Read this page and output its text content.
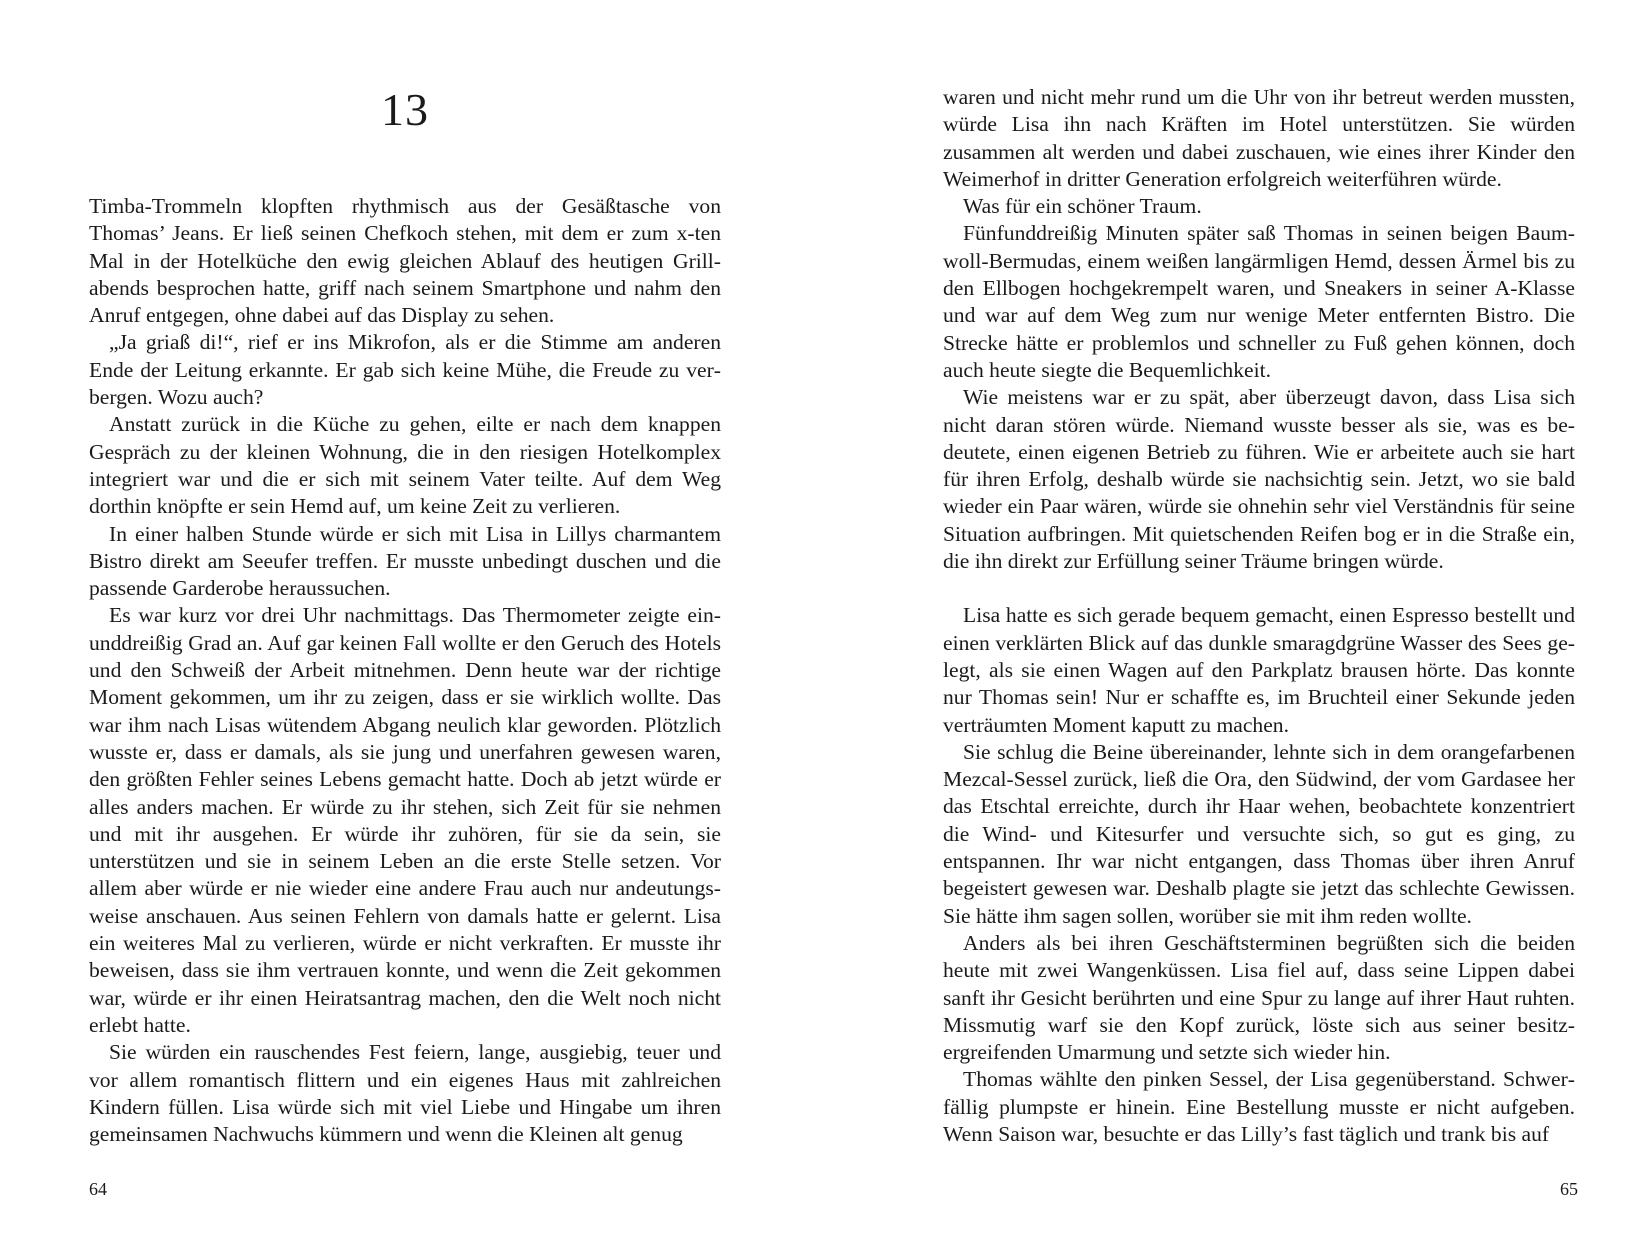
13

Timba-Trommeln klopften rhythmisch aus der Gesäßtasche von Thomas’ Jeans. Er ließ seinen Chefkoch stehen, mit dem er zum x-ten Mal in der Hotelküche den ewig gleichen Ablauf des heutigen Grillabends besprochen hatte, griff nach seinem Smartphone und nahm den Anruf entgegen, ohne dabei auf das Display zu sehen.

„Ja griaß di!“, rief er ins Mikrofon, als er die Stimme am anderen Ende der Leitung erkannte. Er gab sich keine Mühe, die Freude zu verbergen. Wozu auch?

Anstatt zurück in die Küche zu gehen, eilte er nach dem knappen Gespräch zu der kleinen Wohnung, die in den riesigen Hotelkomplex integriert war und die er sich mit seinem Vater teilte. Auf dem Weg dorthin knöpfte er sein Hemd auf, um keine Zeit zu verlieren.

In einer halben Stunde würde er sich mit Lisa in Lillys charmantem Bistro direkt am Seeufer treffen. Er musste unbedingt duschen und die passende Garderobe heraussuchen.

Es war kurz vor drei Uhr nachmittags. Das Thermometer zeigte einunddreißig Grad an. Auf gar keinen Fall wollte er den Geruch des Hotels und den Schweiß der Arbeit mitnehmen. Denn heute war der richtige Moment gekommen, um ihr zu zeigen, dass er sie wirklich wollte. Das war ihm nach Lisas wütendem Abgang neulich klar geworden. Plötzlich wusste er, dass er damals, als sie jung und unerfahren gewesen waren, den größten Fehler seines Lebens gemacht hatte. Doch ab jetzt würde er alles anders machen. Er würde zu ihr stehen, sich Zeit für sie nehmen und mit ihr ausgehen. Er würde ihr zuhören, für sie da sein, sie unterstützen und sie in seinem Leben an die erste Stelle setzen. Vor allem aber würde er nie wieder eine andere Frau auch nur andeutungsweise anschauen. Aus seinen Fehlern von damals hatte er gelernt. Lisa ein weiteres Mal zu verlieren, würde er nicht verkraften. Er musste ihr beweisen, dass sie ihm vertrauen konnte, und wenn die Zeit gekommen war, würde er ihr einen Heiratsantrag machen, den die Welt noch nicht erlebt hatte.

Sie würden ein rauschendes Fest feiern, lange, ausgiebig, teuer und vor allem romantisch flittern und ein eigenes Haus mit zahlreichen Kindern füllen. Lisa würde sich mit viel Liebe und Hingabe um ihren gemeinsamen Nachwuchs kümmern und wenn die Kleinen alt genug

64

waren und nicht mehr rund um die Uhr von ihr betreut werden mussten, würde Lisa ihn nach Kräften im Hotel unterstützen. Sie würden zusammen alt werden und dabei zuschauen, wie eines ihrer Kinder den Weimerhof in dritter Generation erfolgreich weiterführen würde.

Was für ein schöner Traum.

Fünfunddreißig Minuten später saß Thomas in seinen beigen Baumwoll-Bermudas, einem weißen langärmligen Hemd, dessen Ärmel bis zu den Ellbogen hochgekrempelt waren, und Sneakers in seiner A-Klasse und war auf dem Weg zum nur wenige Meter entfernten Bistro. Die Strecke hätte er problemlos und schneller zu Fuß gehen können, doch auch heute siegte die Bequemlichkeit.

Wie meistens war er zu spät, aber überzeugt davon, dass Lisa sich nicht daran stören würde. Niemand wusste besser als sie, was es bedeutete, einen eigenen Betrieb zu führen. Wie er arbeitete auch sie hart für ihren Erfolg, deshalb würde sie nachsichtig sein. Jetzt, wo sie bald wieder ein Paar wären, würde sie ohnehin sehr viel Verständnis für seine Situation aufbringen. Mit quietschenden Reifen bog er in die Straße ein, die ihn direkt zur Erfüllung seiner Träume bringen würde.

Lisa hatte es sich gerade bequem gemacht, einen Espresso bestellt und einen verklärten Blick auf das dunkle smaragdgrüne Wasser des Sees gelegt, als sie einen Wagen auf den Parkplatz brausen hörte. Das konnte nur Thomas sein! Nur er schaffte es, im Bruchteil einer Sekunde jeden verträumten Moment kaputt zu machen.

Sie schlug die Beine übereinander, lehnte sich in dem orangefarbenen Mezcal-Sessel zurück, ließ die Ora, den Südwind, der vom Gardasee her das Etschtal erreichte, durch ihr Haar wehen, beobachtete konzentriert die Wind- und Kitesurfer und versuchte sich, so gut es ging, zu entspannen. Ihr war nicht entgangen, dass Thomas über ihren Anruf begeistert gewesen war. Deshalb plagte sie jetzt das schlechte Gewissen. Sie hätte ihm sagen sollen, worüber sie mit ihm reden wollte.

Anders als bei ihren Geschäftsterminen begrüßten sich die beiden heute mit zwei Wangenküssen. Lisa fiel auf, dass seine Lippen dabei sanft ihr Gesicht berührten und eine Spur zu lange auf ihrer Haut ruhten. Missmutig warf sie den Kopf zurück, löste sich aus seiner besitzergreifenden Umarmung und setzte sich wieder hin.

Thomas wählte den pinken Sessel, der Lisa gegenüberstand. Schwerfällig plumpste er hinein. Eine Bestellung musste er nicht aufgeben. Wenn Saison war, besuchte er das Lilly’s fast täglich und trank bis auf

65
